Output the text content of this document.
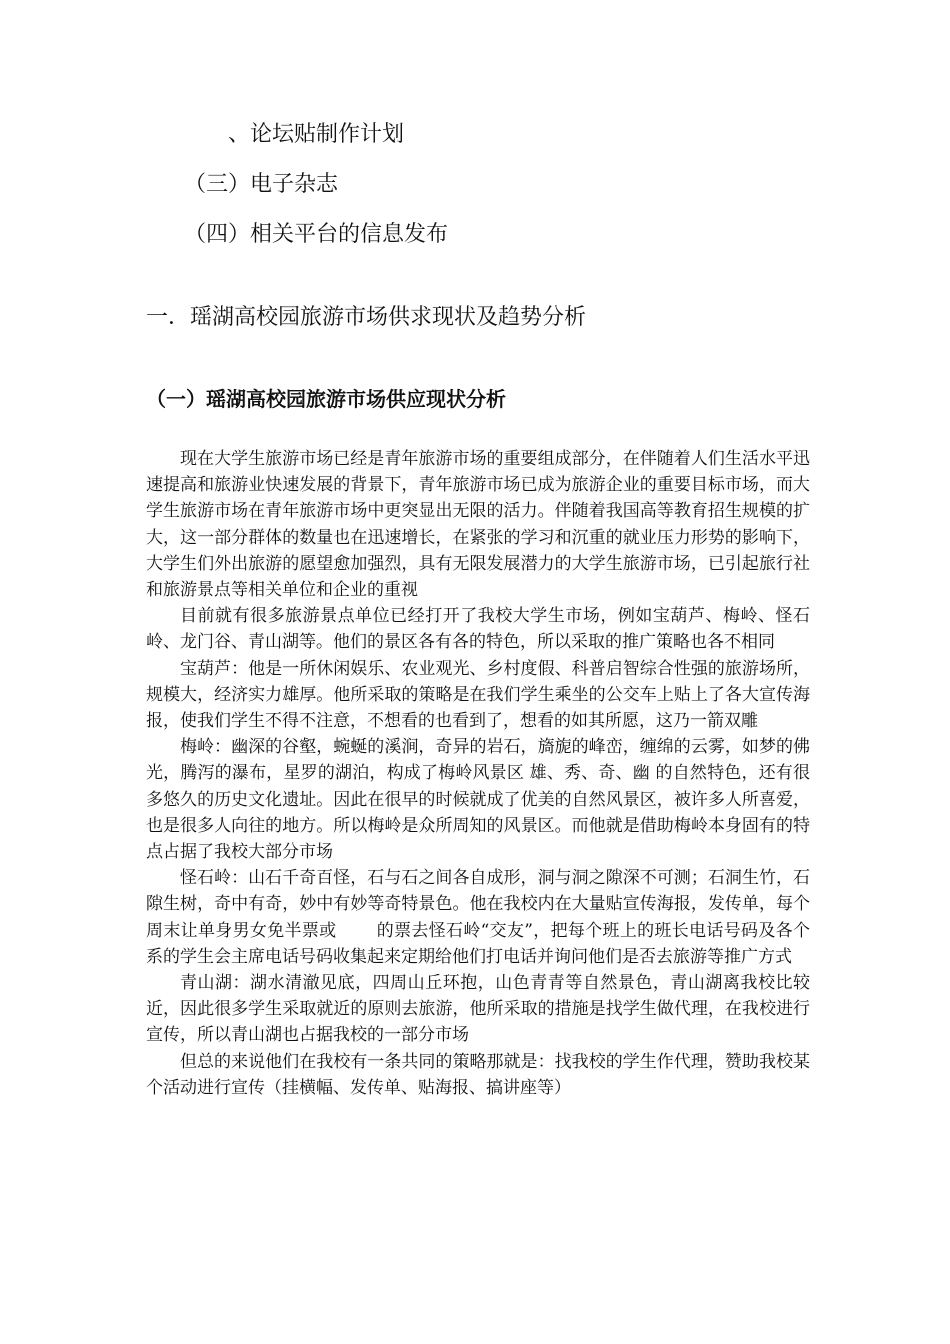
、论坛贴制作计划
（三）电子杂志
（四）相关平台的信息发布
一．瑶湖高校园旅游市场供求现状及趋势分析
（一）瑶湖高校园旅游市场供应现状分析

现在大学生旅游市场已经是青年旅游市场的重要组成部分，在伴随着人们生活水平迅速提高和旅游业快速发展的背景下，青年旅游市场已成为旅游企业的重要目标市场，而大学生旅游市场在青年旅游市场中更突显出无限的活力。伴随着我国高等教育招生规模的扩大，这一部分群体的数量也在迅速增长，在紧张的学习和沉重的就业压力形势的影响下，大学生们外出旅游的愿望愈加强烈，具有无限发展潜力的大学生旅游市场，已引起旅行社和旅游景点等相关单位和企业的重视

目前就有很多旅游景点单位已经打开了我校大学生市场，例如宝葫芦、梅岭、怪石岭、龙门谷、青山湖等。他们的景区各有各的特色，所以采取的推广策略也各不相同

宝葫芦：他是一所休闲娱乐、农业观光、乡村度假、科普启智综合性强的旅游场所，规模大，经济实力雄厚。他所采取的策略是在我们学生乘坐的公交车上贴上了各大宣传海报，使我们学生不得不注意，不想看的也看到了，想看的如其所愿，这乃一箭双雕

梅岭：幽深的谷壑，蜿蜒的溪涧，奇异的岩石，旖旎的峰峦，缠绵的云雾，如梦的佛光，腾泻的瀑布，星罗的湖泊，构成了梅岭风景区 雄、秀、奇、幽 的自然特色，还有很多悠久的历史文化遗址。因此在很早的时候就成了优美的自然风景区，被许多人所喜爱，也是很多人向往的地方。所以梅岭是众所周知的风景区。而他就是借助梅岭本身固有的特点占据了我校大部分市场

怪石岭：山石千奇百怪，石与石之间各自成形，洞与洞之隙深不可测；石洞生竹，石隙生树，奇中有奇，妙中有妙等奇特景色。他在我校内在大量贴宣传海报，发传单，每个周末让单身男女免半票或　　 的票去怪石岭“交友”，把每个班上的班长电话号码及各个系的学生会主席电话号码收集起来定期给他们打电话并询问他们是否去旅游等推广方式

青山湖：湖水清澈见底，四周山丘环抱，山色青青等自然景色，青山湖离我校比较近，因此很多学生采取就近的原则去旅游，他所采取的措施是找学生做代理，在我校进行宣传，所以青山湖也占据我校的一部分市场

但总的来说他们在我校有一条共同的策略那就是：找我校的学生作代理，赞助我校某个活动进行宣传（挂横幅、发传单、贴海报、搞讲座等）
